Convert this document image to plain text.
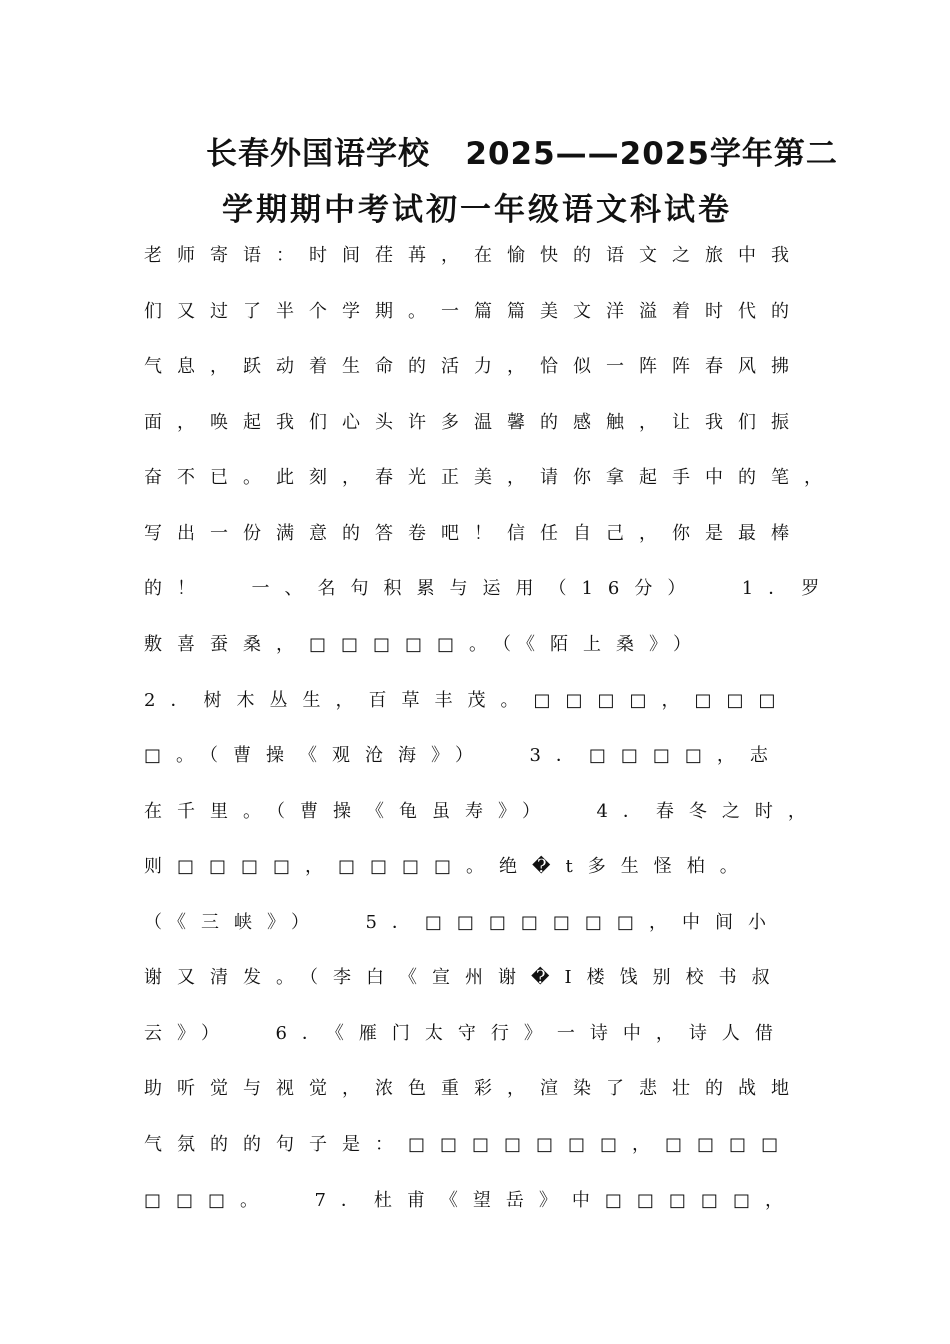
长春外国语学校   2025——2025学年第二
学期期中考试初一年级语文科试卷
老师寄语：时间荏苒，在愉快的语文之旅中我
们又过了半个学期。一篇篇美文洋溢着时代的
气息，跃动着生命的活力，恰似一阵阵春风拂
面，唤起我们心头许多温馨的感触，让我们振
奋不已。此刻，春光正美，请你拿起手中的笔，
写出一份满意的答卷吧！信任自己，你是最棒
的！  一、名句积累与运用（16分）  1．罗
敷喜蚕桑，□□□□□。（《陌上桑》）
2．树木丛生，百草丰茂。□□□□，□□□
□。（曹操《观沧海》）  3．□□□□，志
在千里。（曹操《龟虽寿》）  4．春冬之时，
则□□□□，□□□□。绝�t多生怪柏。
（《三峡》）  5．□□□□□□□，中间小
谢又清发。（李白《宣州谢�I楼饯别校书叔
云》）  6．《雁门太守行》一诗中，诗人借
助听觉与视觉，浓色重彩，渲染了悲壮的战地
气氛的的句子是：□□□□□□□，□□□□
□□□。  7．杜甫《望岳》中□□□□□，
